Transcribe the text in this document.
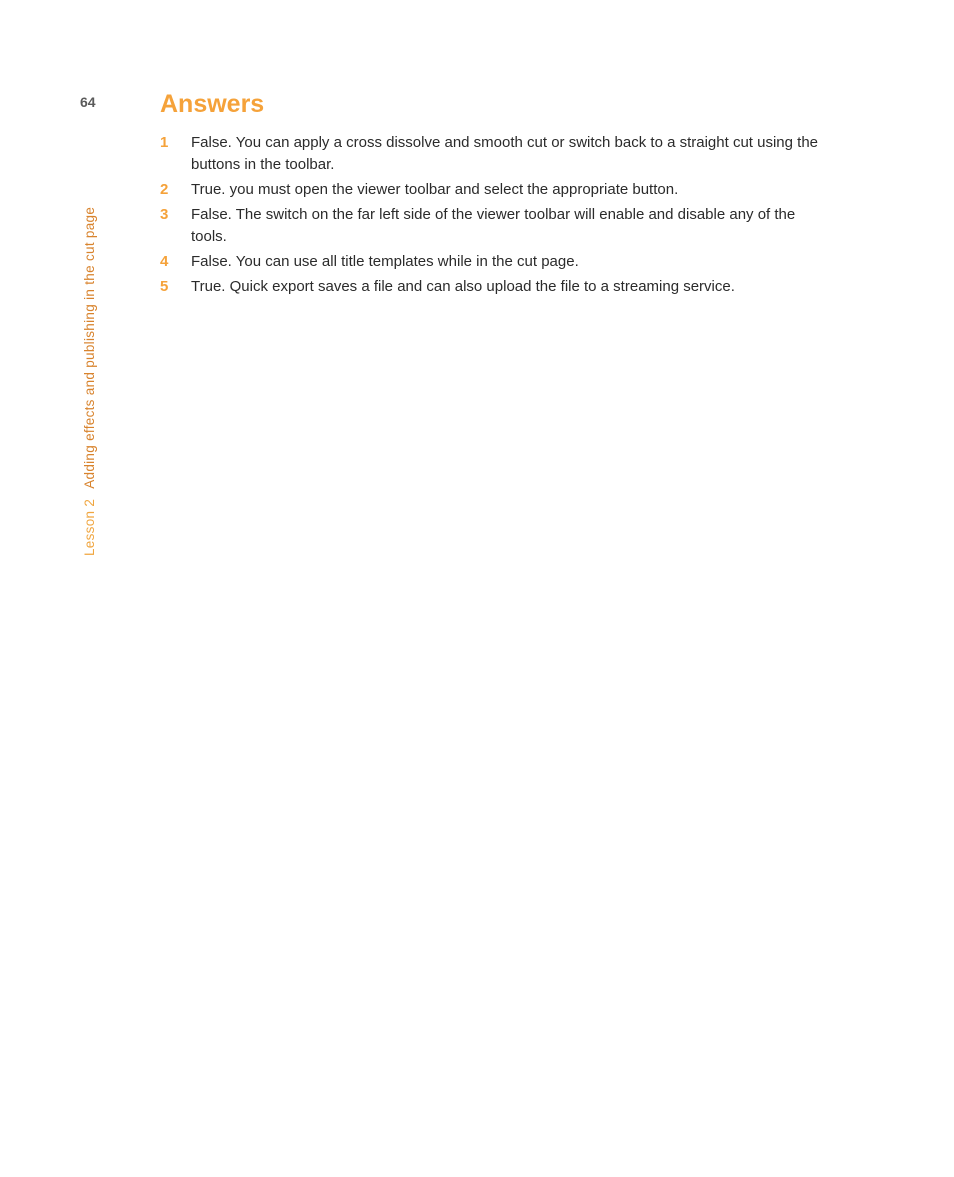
64
Lesson 2Adding effects and publishing in the cut page
Answers
1 False. You can apply a cross dissolve and smooth cut or switch back to a straight cut using the buttons in the toolbar.
2 True. you must open the viewer toolbar and select the appropriate button.
3 False. The switch on the far left side of the viewer toolbar will enable and disable any of the tools.
4 False. You can use all title templates while in the cut page.
5 True. Quick export saves a file and can also upload the file to a streaming service.
